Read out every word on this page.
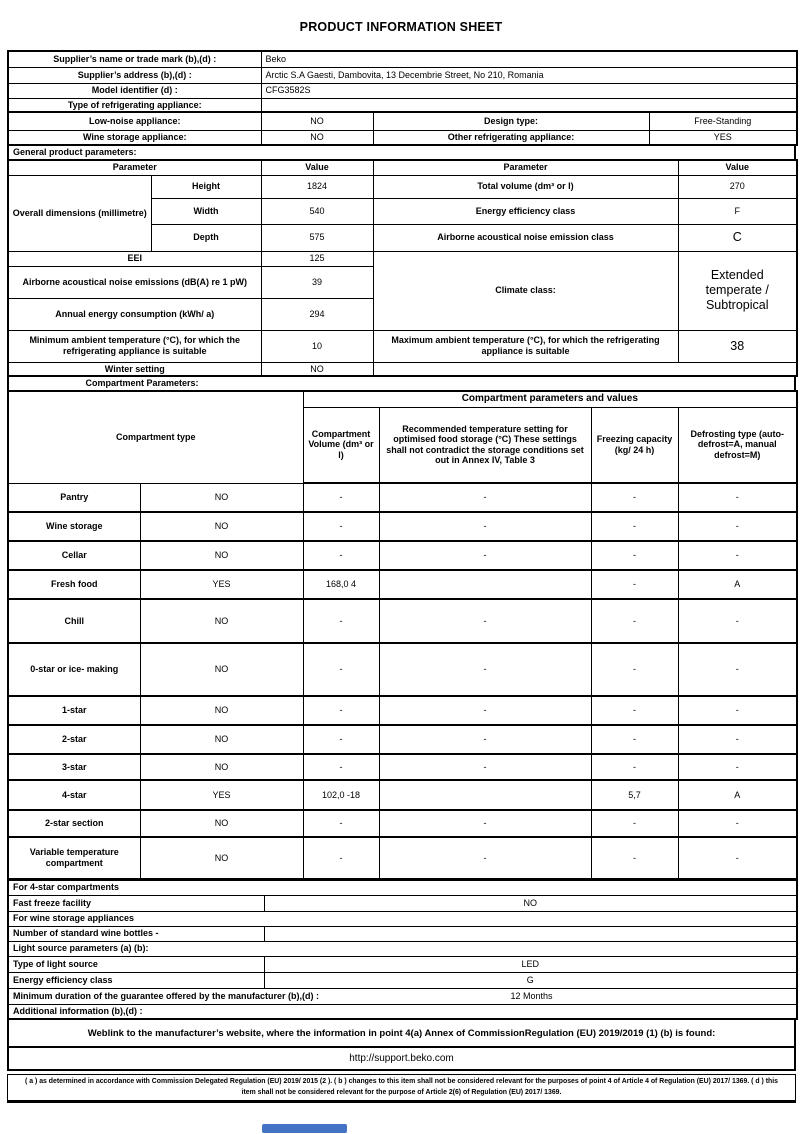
PRODUCT INFORMATION SHEET
Supplier’s name or trade mark (b),(d) :	Beko		
Supplier’s address (b),(d) :	Arctic S.A Gaesti, Dambovita, 13 Decembrie Street, No 210, Romania		
Model identifier (d) :	CFG3582S		
Type of refrigerating appliance:			
Low-noise appliance:	NO	Design type:	Free-Standing
Wine storage appliance:	NO	Other refrigerating appliance:	YES
General product parameters:
Parameter		Value	Parameter	Value
Overall dimensions (millimetre)	Height	1824	Total volume (dm³ or l)	270
	Width	540	Energy efficiency class	F
	Depth	575	Airborne acoustical noise emission class	C
EEI		125	Climate class:	Extended temperate / Subtropical
Airborne acoustical noise emissions (dB(A) re 1 pW)		39		
Annual energy consumption (kWh/ a)		294		
Minimum ambient temperature (°C), for which the refrigerating appliance is suitable		10	Maximum ambient temperature (°C), for which the refrigerating appliance is suitable	38
Winter setting		NO		
Compartment Parameters:
Compartment type		Compartment parameters and values			
		Compartment Volume (dm³ or l)	Recommended temperature setting for optimised food storage (°C) These settings shall not contradict the storage conditions set out in Annex IV, Table 3	Freezing capacity (kg/ 24 h)	Defrosting type (auto-defrost=A, manual defrost=M)
Pantry	NO	-	-	-	-
Wine storage	NO	-	-	-	-
Cellar	NO	-	-	-	-
Fresh food	YES	168,0 4		-	A
Chill	NO	-	-	-	-
0-star or ice- making	NO	-	-	-	-
1-star	NO	-	-	-	-
2-star	NO	-	-	-	-
3-star	NO	-	-	-	-
4-star	YES	102,0 -18		5,7	A
2-star section	NO	-	-	-	-
Variable temperature compartment	NO	-	-	-	-
For 4-star compartments	
Fast freeze facility	NO
For wine storage appliances	
Number of standard wine bottles -	
Light source parameters (a) (b):	
Type of light source	LED
Energy efficiency class	G
Minimum duration of the guarantee offered by the manufacturer (b),(d) : 12 Months	

Additional information (b),(d) :	
Weblink to the manufacturer’s website, where the information in point 4(a) Annex of CommissionRegulation (EU) 2019/2019 (1) (b) is found:
http://support.beko.com
( a ) as determined in accordance with Commission Delegated Regulation (EU) 2019/ 2015 (2 ). ( b ) changes to this item shall not be considered relevant for the purposes of point 4 of Article 4 of Regulation (EU) 2017/ 1369. ( d ) this item shall not be considered relevant for the purpose of Article 2(6) of Regulation (EU) 2017/ 1369.
